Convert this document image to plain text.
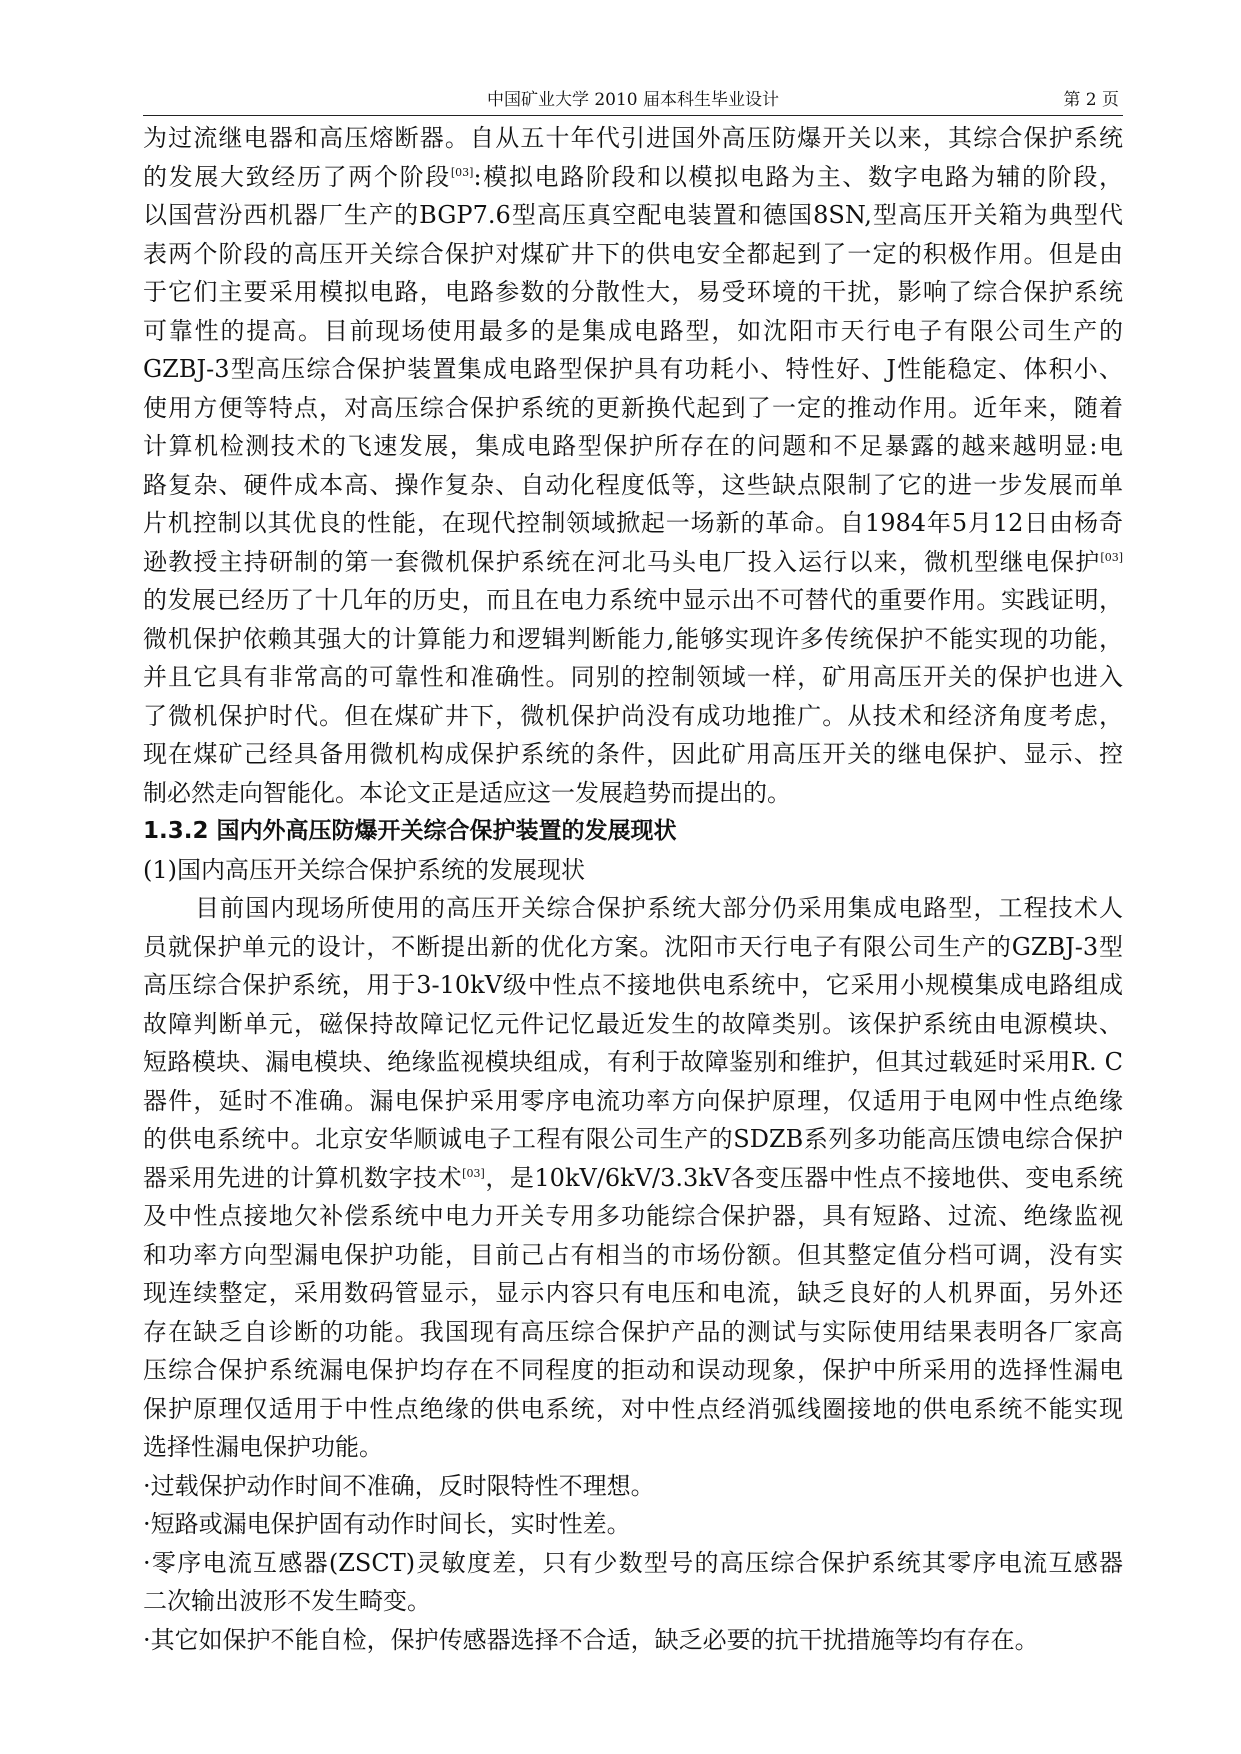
中国矿业大学 2010 届本科生毕业设计	第 2 页
为过流继电器和高压熔断器。自从五十年代引进国外高压防爆开关以来，其综合保护系统
的发展大致经历了两个阶段[03]:模拟电路阶段和以模拟电路为主、数字电路为辅的阶段，
以国营汾西机器厂生产的BGP7.6型高压真空配电装置和德国8SN,型高压开关箱为典型代
表两个阶段的高压开关综合保护对煤矿井下的供电安全都起到了一定的积极作用。但是由
于它们主要采用模拟电路，电路参数的分散性大，易受环境的干扰，影响了综合保护系统
可靠性的提高。目前现场使用最多的是集成电路型，如沈阳市天行电子有限公司生产的
GZBJ-3型高压综合保护装置集成电路型保护具有功耗小、特性好、J性能稳定、体积小、
使用方便等特点，对高压综合保护系统的更新换代起到了一定的推动作用。近年来，随着
计算机检测技术的飞速发展，集成电路型保护所存在的问题和不足暴露的越来越明显:电
路复杂、硬件成本高、操作复杂、自动化程度低等，这些缺点限制了它的进一步发展而单
片机控制以其优良的性能，在现代控制领域掀起一场新的革命。自1984年5月12日由杨奇
逊教授主持研制的第一套微机保护系统在河北马头电厂投入运行以来，微机型继电保护[03]
的发展已经历了十几年的历史，而且在电力系统中显示出不可替代的重要作用。实践证明，
微机保护依赖其强大的计算能力和逻辑判断能力,能够实现许多传统保护不能实现的功能，
并且它具有非常高的可靠性和准确性。同别的控制领域一样，矿用高压开关的保护也进入
了微机保护时代。但在煤矿井下，微机保护尚没有成功地推广。从技术和经济角度考虑，
现在煤矿己经具备用微机构成保护系统的条件，因此矿用高压开关的继电保护、显示、控
制必然走向智能化。本论文正是适应这一发展趋势而提出的。
1.3.2 国内外高压防爆开关综合保护装置的发展现状
(1)国内高压开关综合保护系统的发展现状
目前国内现场所使用的高压开关综合保护系统大部分仍采用集成电路型，工程技术人
员就保护单元的设计，不断提出新的优化方案。沈阳市天行电子有限公司生产的GZBJ-3型
高压综合保护系统，用于3-10kV级中性点不接地供电系统中，它采用小规模集成电路组成
故障判断单元，磁保持故障记忆元件记忆最近发生的故障类别。该保护系统由电源模块、
短路模块、漏电模块、绝缘监视模块组成，有利于故障鉴别和维护，但其过载延时采用R. C
器件，延时不准确。漏电保护采用零序电流功率方向保护原理，仅适用于电网中性点绝缘
的供电系统中。北京安华顺诚电子工程有限公司生产的SDZB系列多功能高压馈电综合保护
器采用先进的计算机数字技术[03]，是10kV/6kV/3.3kV各变压器中性点不接地供、变电系统
及中性点接地欠补偿系统中电力开关专用多功能综合保护器，具有短路、过流、绝缘监视
和功率方向型漏电保护功能，目前己占有相当的市场份额。但其整定值分档可调，没有实
现连续整定，采用数码管显示，显示内容只有电压和电流，缺乏良好的人机界面，另外还
存在缺乏自诊断的功能。我国现有高压综合保护产品的测试与实际使用结果表明各厂家高
压综合保护系统漏电保护均存在不同程度的拒动和误动现象，保护中所采用的选择性漏电
保护原理仅适用于中性点绝缘的供电系统，对中性点经消弧线圈接地的供电系统不能实现
选择性漏电保护功能。
·过载保护动作时间不准确，反时限特性不理想。
·短路或漏电保护固有动作时间长，实时性差。
·零序电流互感器(ZSCT)灵敏度差，只有少数型号的高压综合保护系统其零序电流互感器
二次输出波形不发生畸变。
·其它如保护不能自检，保护传感器选择不合适，缺乏必要的抗干扰措施等均有存在。
